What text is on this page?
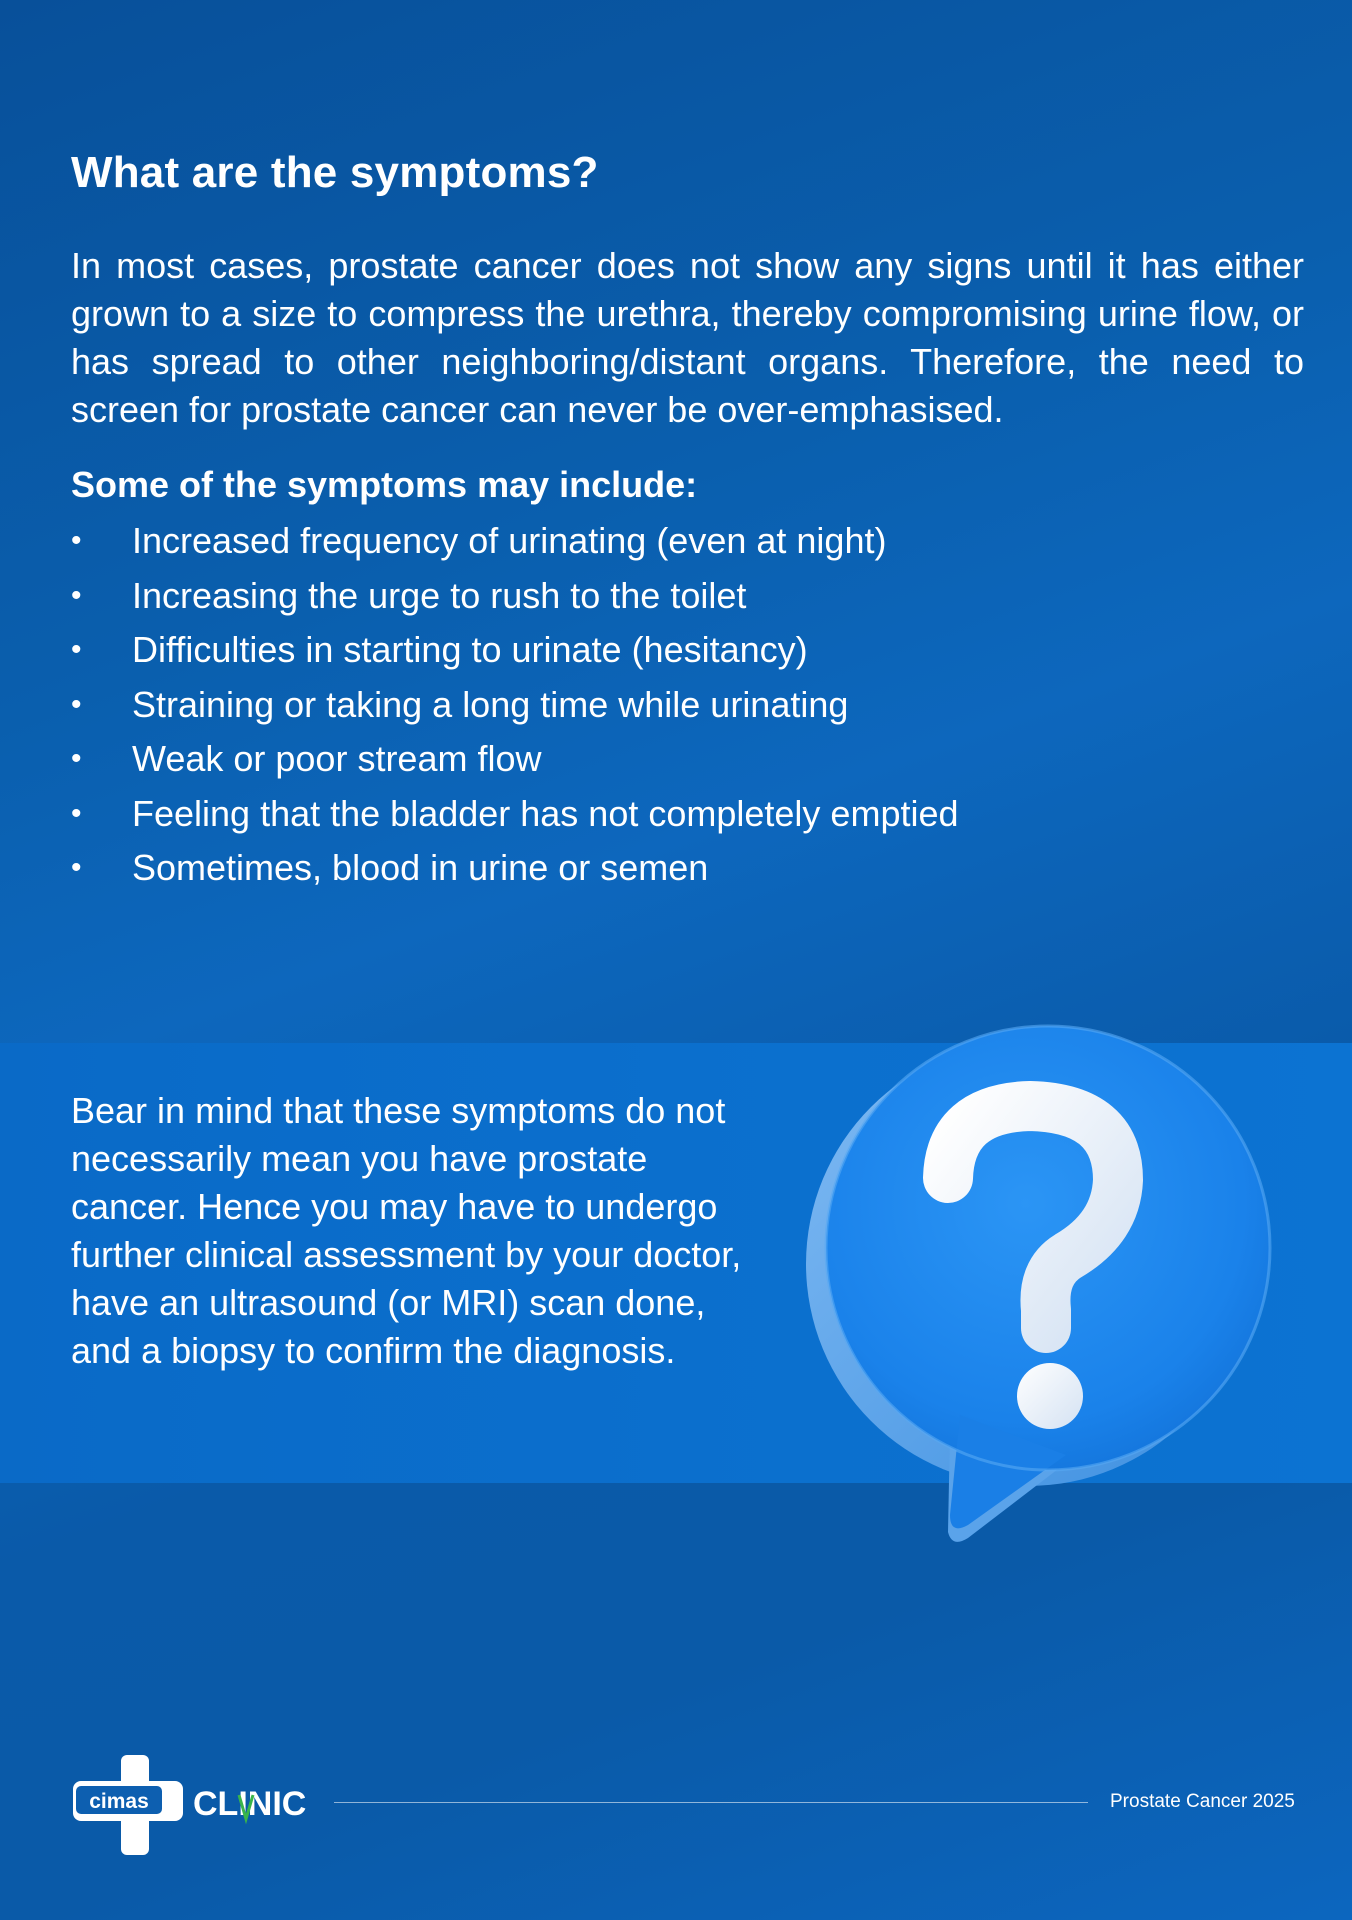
What are the symptoms?
In most cases, prostate cancer does not show any signs until it has either grown to a size to compress the urethra, thereby compromising urine flow, or has spread to other neighboring/distant organs. Therefore, the need to screen for prostate cancer can never be over-emphasised.
Some of the symptoms may include:
• Increased frequency of urinating (even at night)
• Increasing the urge to rush to the toilet
• Difficulties in starting to urinate (hesitancy)
• Straining or taking a long time while urinating
• Weak or poor stream flow
• Feeling that the bladder has not completely emptied
• Sometimes, blood in urine or semen
Bear in mind that these symptoms do not necessarily mean you have prostate cancer. Hence you may have to undergo further clinical assessment by your doctor, have an ultrasound (or MRI) scan done, and a biopsy to confirm the diagnosis.
cimas CLINIC	Prostate Cancer 2025
